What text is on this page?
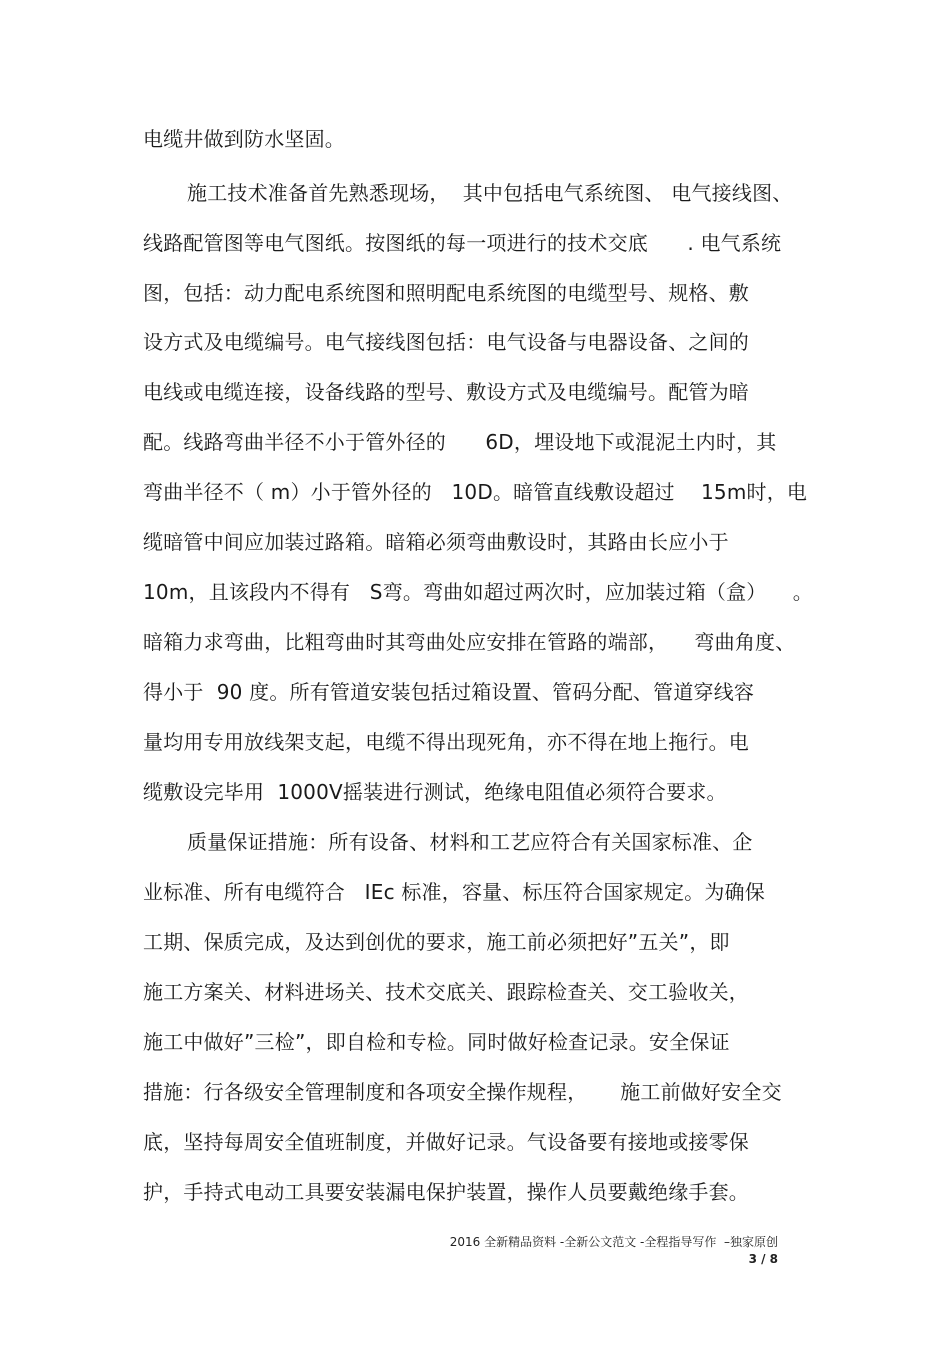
电缆井做到防水坚固。
施工技术准备首先熟悉现场，  其中包括电气系统图、 电气接线图、
线路配管图等电气图纸。按图纸的每一项进行的技术交底      . 电气系统
图，包括：动力配电系统图和照明配电系统图的电缆型号、规格、敷
设方式及电缆编号。电气接线图包括：电气设备与电器设备、之间的
电线或电缆连接，设备线路的型号、敷设方式及电缆编号。配管为暗
配。线路弯曲半径不小于管外径的      6D，埋设地下或混泥土内时，其
弯曲半径不（ m）小于管外径的   10D。暗管直线敷设超过    15m时，电
缆暗管中间应加装过路箱。暗箱必须弯曲敷设时，其路由长应小于
10m，且该段内不得有   S弯。弯曲如超过两次时，应加装过箱（盒）    。
暗箱力求弯曲，比粗弯曲时其弯曲处应安排在管路的端部，    弯曲角度、
得小于  90 度。所有管道安装包括过箱设置、管码分配、管道穿线容
量均用专用放线架支起，电缆不得出现死角，亦不得在地上拖行。电
缆敷设完毕用  1000V摇装进行测试，绝缘电阻值必须符合要求。
质量保证措施：所有设备、材料和工艺应符合有关国家标准、企
业标准、所有电缆符合   IEc 标准，容量、标压符合国家规定。为确保
工期、保质完成，及达到创优的要求，施工前必须把好”五关”，即
施工方案关、材料进场关、技术交底关、跟踪检查关、交工验收关，
施工中做好”三检”，即自检和专检。同时做好检查记录。安全保证
措施：行各级安全管理制度和各项安全操作规程，     施工前做好安全交
底，坚持每周安全值班制度，并做好记录。气设备要有接地或接零保
护，手持式电动工具要安装漏电保护装置，操作人员要戴绝缘手套。
2016 全新精品资料 -全新公文范文 -全程指导写作  –独家原创
3 / 8
